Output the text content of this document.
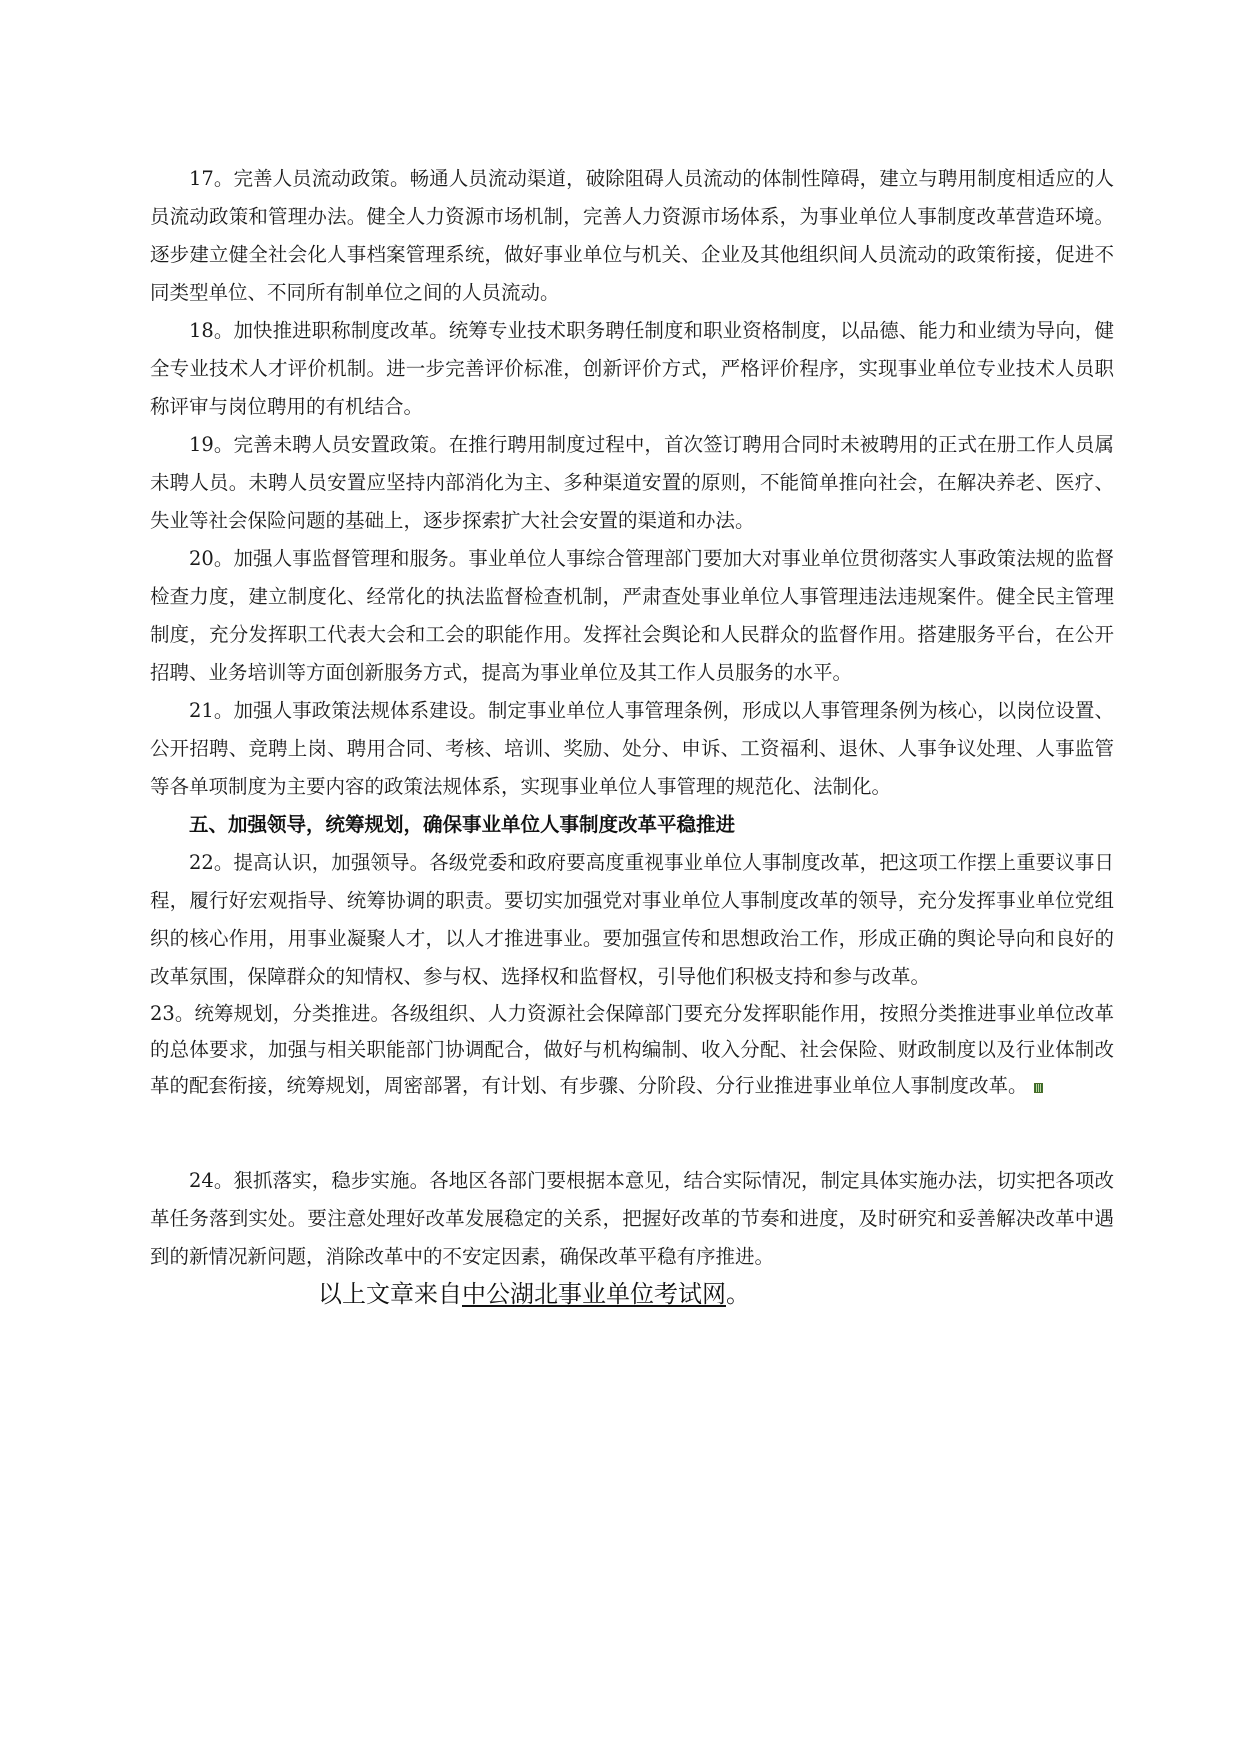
17。完善人员流动政策。畅通人员流动渠道，破除阻碍人员流动的体制性障碍，建立与聘用制度相适应的人员流动政策和管理办法。健全人力资源市场机制，完善人力资源市场体系，为事业单位人事制度改革营造环境。逐步建立健全社会化人事档案管理系统，做好事业单位与机关、企业及其他组织间人员流动的政策衔接，促进不同类型单位、不同所有制单位之间的人员流动。

18。加快推进职称制度改革。统筹专业技术职务聘任制度和职业资格制度，以品德、能力和业绩为导向，健全专业技术人才评价机制。进一步完善评价标准，创新评价方式，严格评价程序，实现事业单位专业技术人员职称评审与岗位聘用的有机结合。

19。完善未聘人员安置政策。在推行聘用制度过程中，首次签订聘用合同时未被聘用的正式在册工作人员属未聘人员。未聘人员安置应坚持内部消化为主、多种渠道安置的原则，不能简单推向社会，在解决养老、医疗、失业等社会保险问题的基础上，逐步探索扩大社会安置的渠道和办法。

20。加强人事监督管理和服务。事业单位人事综合管理部门要加大对事业单位贯彻落实人事政策法规的监督检查力度，建立制度化、经常化的执法监督检查机制，严肃查处事业单位人事管理违法违规案件。健全民主管理制度，充分发挥职工代表大会和工会的职能作用。发挥社会舆论和人民群众的监督作用。搭建服务平台，在公开招聘、业务培训等方面创新服务方式，提高为事业单位及其工作人员服务的水平。

21。加强人事政策法规体系建设。制定事业单位人事管理条例，形成以人事管理条例为核心，以岗位设置、公开招聘、竞聘上岗、聘用合同、考核、培训、奖励、处分、申诉、工资福利、退休、人事争议处理、人事监管等各单项制度为主要内容的政策法规体系，实现事业单位人事管理的规范化、法制化。

五、加强领导，统筹规划，确保事业单位人事制度改革平稳推进

22。提高认识，加强领导。各级党委和政府要高度重视事业单位人事制度改革，把这项工作摆上重要议事日程，履行好宏观指导、统筹协调的职责。要切实加强党对事业单位人事制度改革的领导，充分发挥事业单位党组织的核心作用，用事业凝聚人才，以人才推进事业。要加强宣传和思想政治工作，形成正确的舆论导向和良好的改革氛围，保障群众的知情权、参与权、选择权和监督权，引导他们积极支持和参与改革。

23。统筹规划，分类推进。各级组织、人力资源社会保障部门要充分发挥职能作用，按照分类推进事业单位改革的总体要求，加强与相关职能部门协调配合，做好与机构编制、收入分配、社会保险、财政制度以及行业体制改革的配套衔接，统筹规划，周密部署，有计划、有步骤、分阶段、分行业推进事业单位人事制度改革。

24。狠抓落实，稳步实施。各地区各部门要根据本意见，结合实际情况，制定具体实施办法，切实把各项改革任务落到实处。要注意处理好改革发展稳定的关系，把握好改革的节奏和进度，及时研究和妥善解决改革中遇到的新情况新问题，消除改革中的不安定因素，确保改革平稳有序推进。

以上文章来自中公湖北事业单位考试网。
